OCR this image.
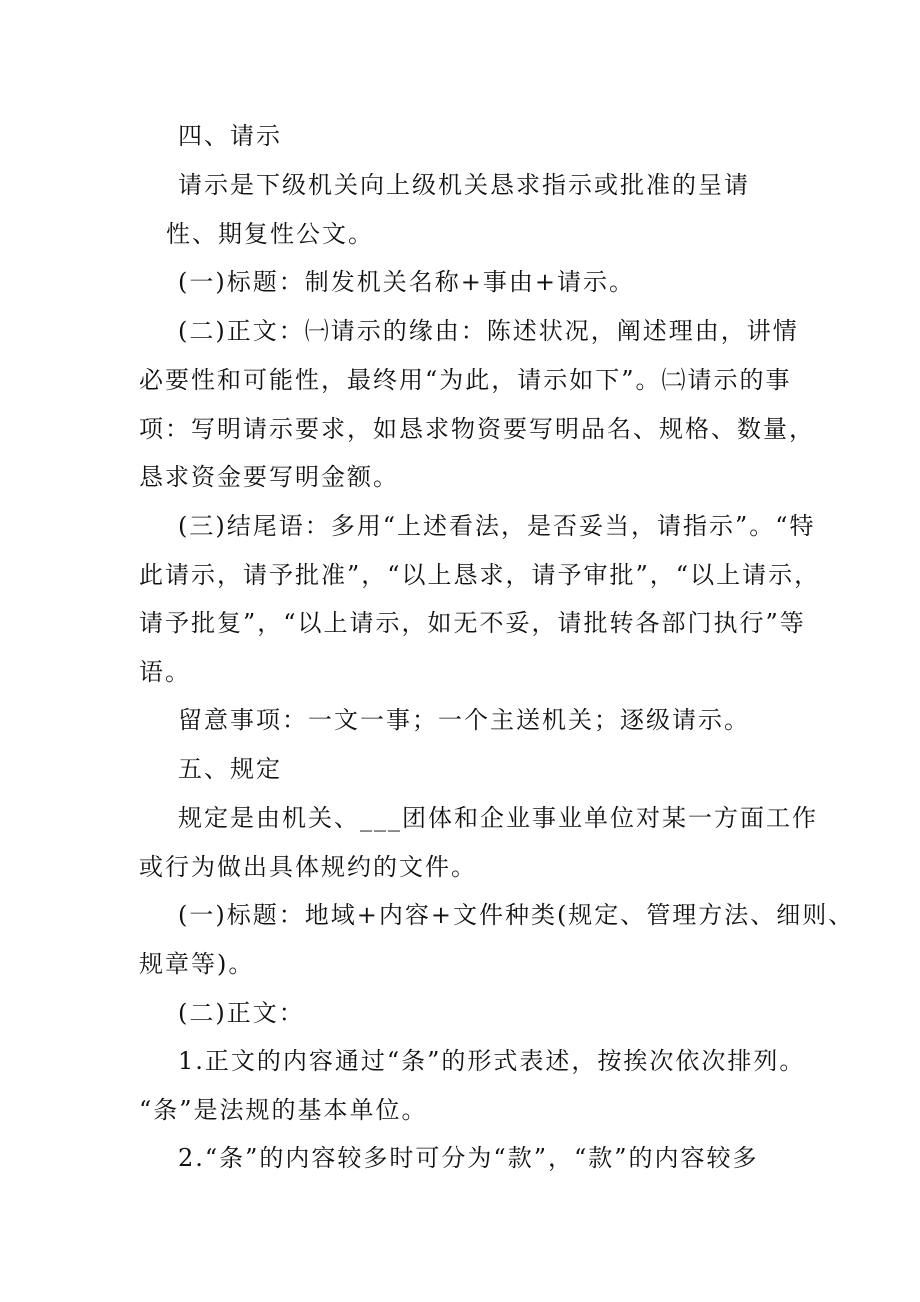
四、请示
请示是下级机关向上级机关恳求指示或批准的呈请
性、期复性公文。
(一)标题：制发机关名称+事由+请示。
(二)正文：㈠请示的缘由：陈述状况，阐述理由，讲情
必要性和可能性，最终用“为此，请示如下”。㈡请示的事
项：写明请示要求，如恳求物资要写明品名、规格、数量，
恳求资金要写明金额。
(三)结尾语：多用“上述看法，是否妥当，请指示”。“特
此请示，请予批准”，“以上恳求，请予审批”，“以上请示，
请予批复”，“以上请示，如无不妥，请批转各部门执行”等
语。
留意事项：一文一事；一个主送机关；逐级请示。
五、规定
规定是由机关、___团体和企业事业单位对某一方面工作
或行为做出具体规约的文件。
(一)标题：地域+内容+文件种类(规定、管理方法、细则、
规章等)。
(二)正文：
1.正文的内容通过“条”的形式表述，按挨次依次排列。
“条”是法规的基本单位。
2.“条”的内容较多时可分为“款”，“款”的内容较多
